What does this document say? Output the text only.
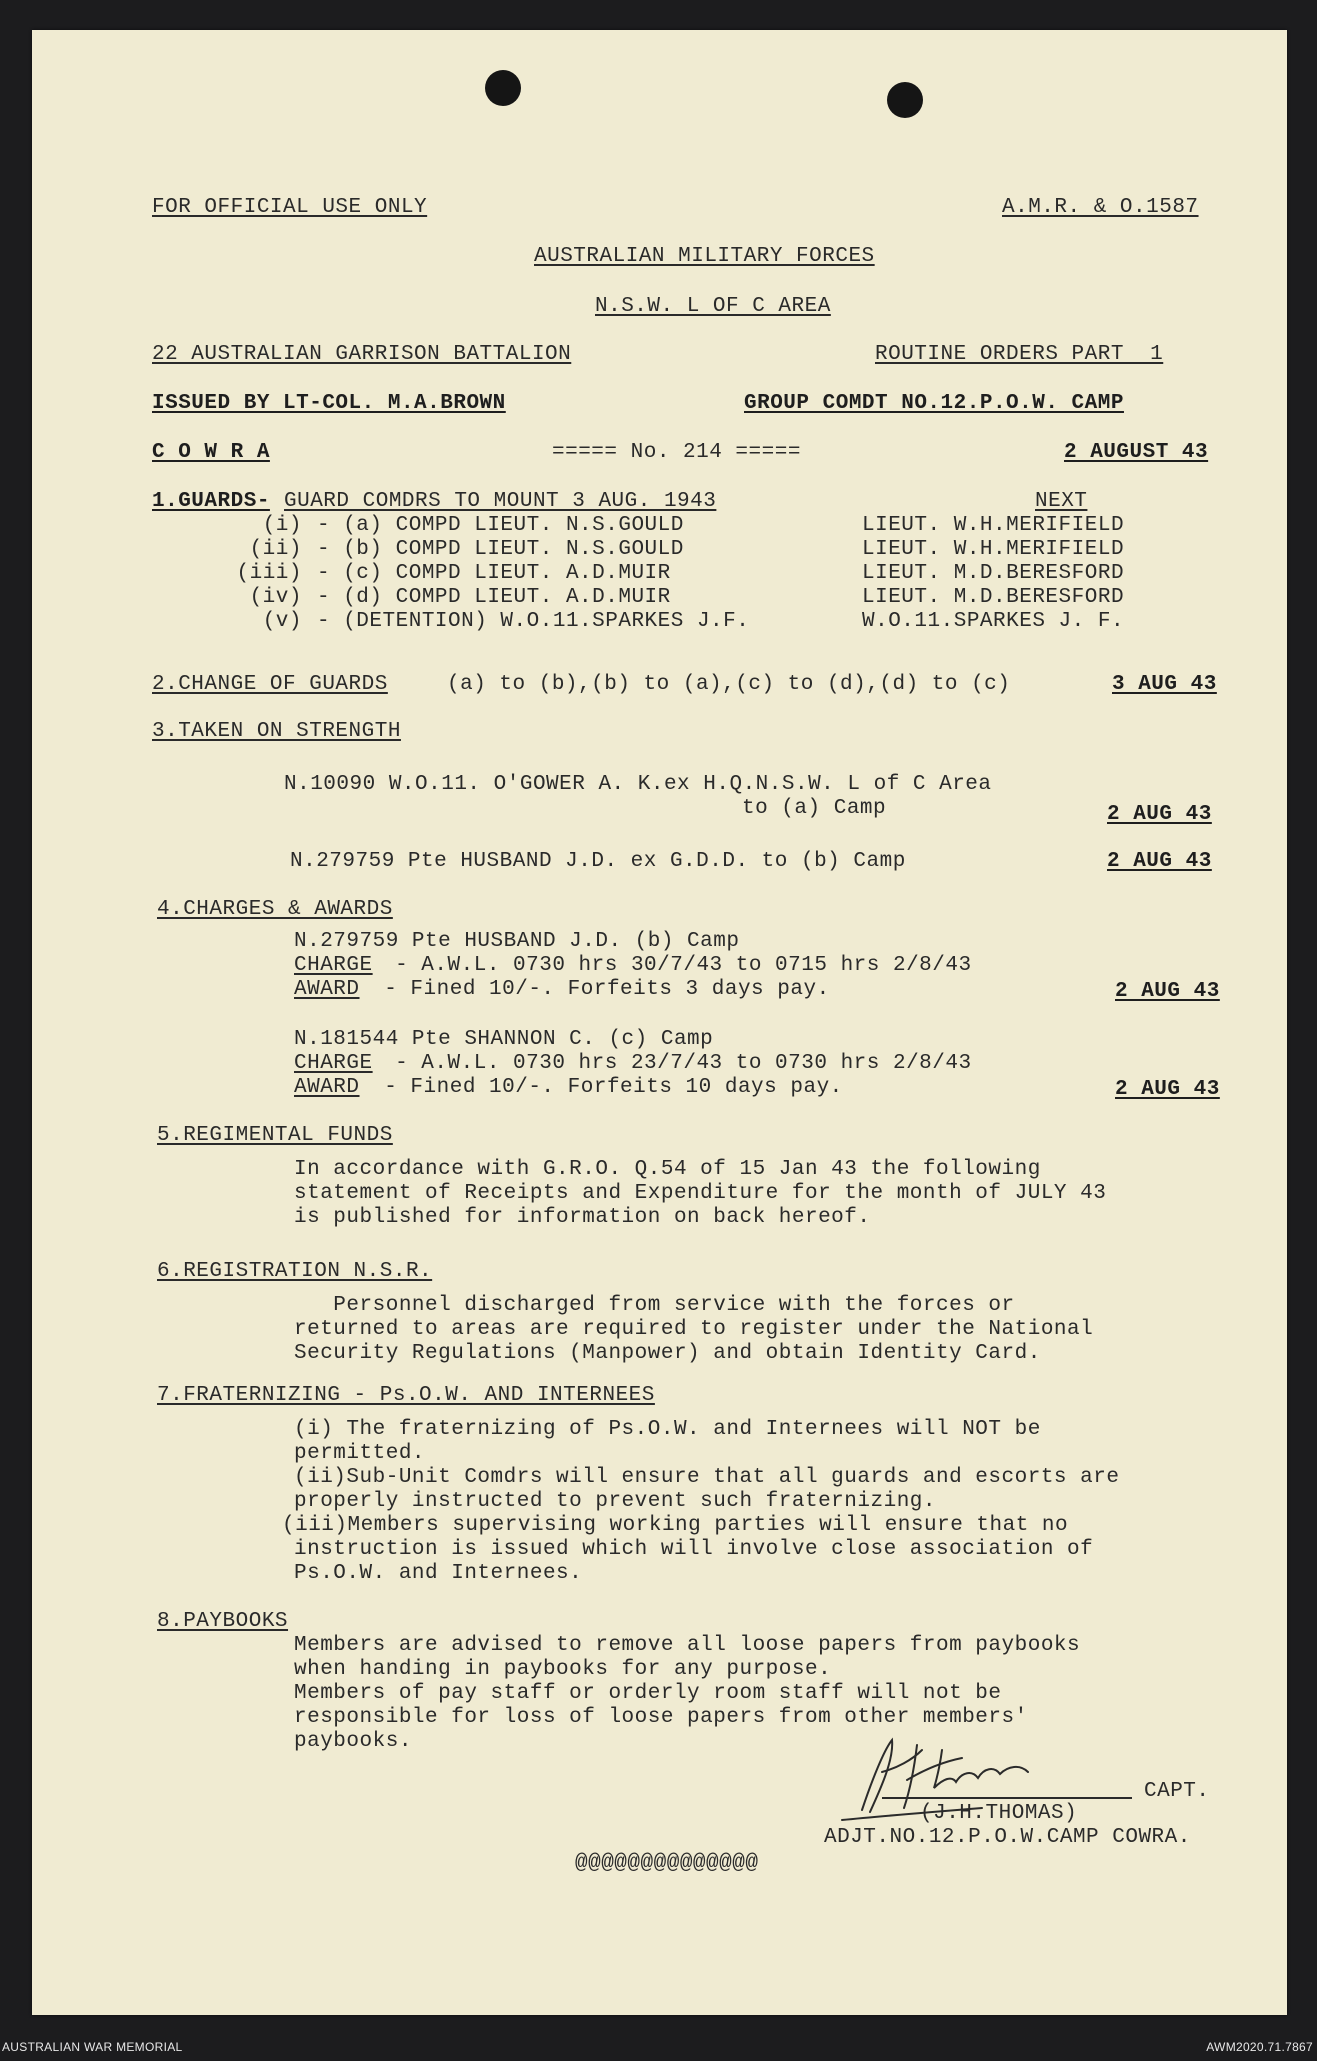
FOR OFFICIAL USE ONLY	A.M.R. & O.1587
AUSTRALIAN MILITARY FORCES
N.S.W. L OF C AREA
22 AUSTRALIAN GARRISON BATTALION	ROUTINE ORDERS PART  1
ISSUED BY LT-COL. M.A.BROWN	GROUP COMDT NO.12.P.O.W. CAMP
C O W R A	===== No. 214 =====	2 AUGUST 43
1.GUARDS- GUARD COMDRS TO MOUNT 3 AUG. 1943	NEXT
(i) - (a) COMPD LIEUT. N.S.GOULD	LIEUT. W.H.MERIFIELD
(ii) - (b) COMPD LIEUT. N.S.GOULD	LIEUT. W.H.MERIFIELD
(iii) - (c) COMPD LIEUT. A.D.MUIR	LIEUT. M.D.BERESFORD
(iv) - (d) COMPD LIEUT. A.D.MUIR	LIEUT. M.D.BERESFORD
(v) - (DETENTION) W.O.11.SPARKES J.F.	W.O.11.SPARKES J. F.
2.CHANGE OF GUARDS	(a) to (b),(b) to (a),(c) to (d),(d) to (c)	3 AUG 43
3.TAKEN ON STRENGTH
N.10090 W.O.11. O'GOWER A. K.ex H.Q.N.S.W. L of C Area
to (a) Camp	2 AUG 43
N.279759 Pte HUSBAND J.D. ex G.D.D. to (b) Camp	2 AUG 43
4.CHARGES & AWARDS
N.279759 Pte HUSBAND J.D. (b) Camp
CHARGE - A.W.L. 0730 hrs 30/7/43 to 0715 hrs 2/8/43
AWARD
- Fined 10/-. Forfeits 3 days pay.	2 AUG 43
N.181544 Pte SHANNON C. (c) Camp
CHARGE - A.W.L. 0730 hrs 23/7/43 to 0730 hrs 2/8/43
AWARD
- Fined 10/-. Forfeits 10 days pay.	2 AUG 43
5.REGIMENTAL FUNDS
In accordance with G.R.O. Q.54 of 15 Jan 43 the following
statement of Receipts and Expenditure for the month of JULY 43
is published for information on back hereof.
6.REGISTRATION N.S.R.
Personnel discharged from service with the forces or
returned to areas are required to register under the National
Security Regulations (Manpower) and obtain Identity Card.
7.FRATERNIZING - Ps.O.W. AND INTERNEES
(i) The fraternizing of Ps.O.W. and Internees will NOT be
permitted.
(ii)Sub-Unit Comdrs will ensure that all guards and escorts are
properly instructed to prevent such fraternizing.
(iii)Members supervising working parties will ensure that no
instruction is issued which will involve close association of
Ps.O.W. and Internees.
8.PAYBOOKS
Members are advised to remove all loose papers from paybooks
when handing in paybooks for any purpose.
Members of pay staff or orderly room staff will not be
responsible for loss of loose papers from other members'
paybooks.
CAPT.
(J.H.THOMAS)
ADJT.NO.12.P.O.W.CAMP COWRA.
@@@@@@@@@@@@@@
AUSTRALIAN WAR MEMORIAL	AWM2020.71.7867
